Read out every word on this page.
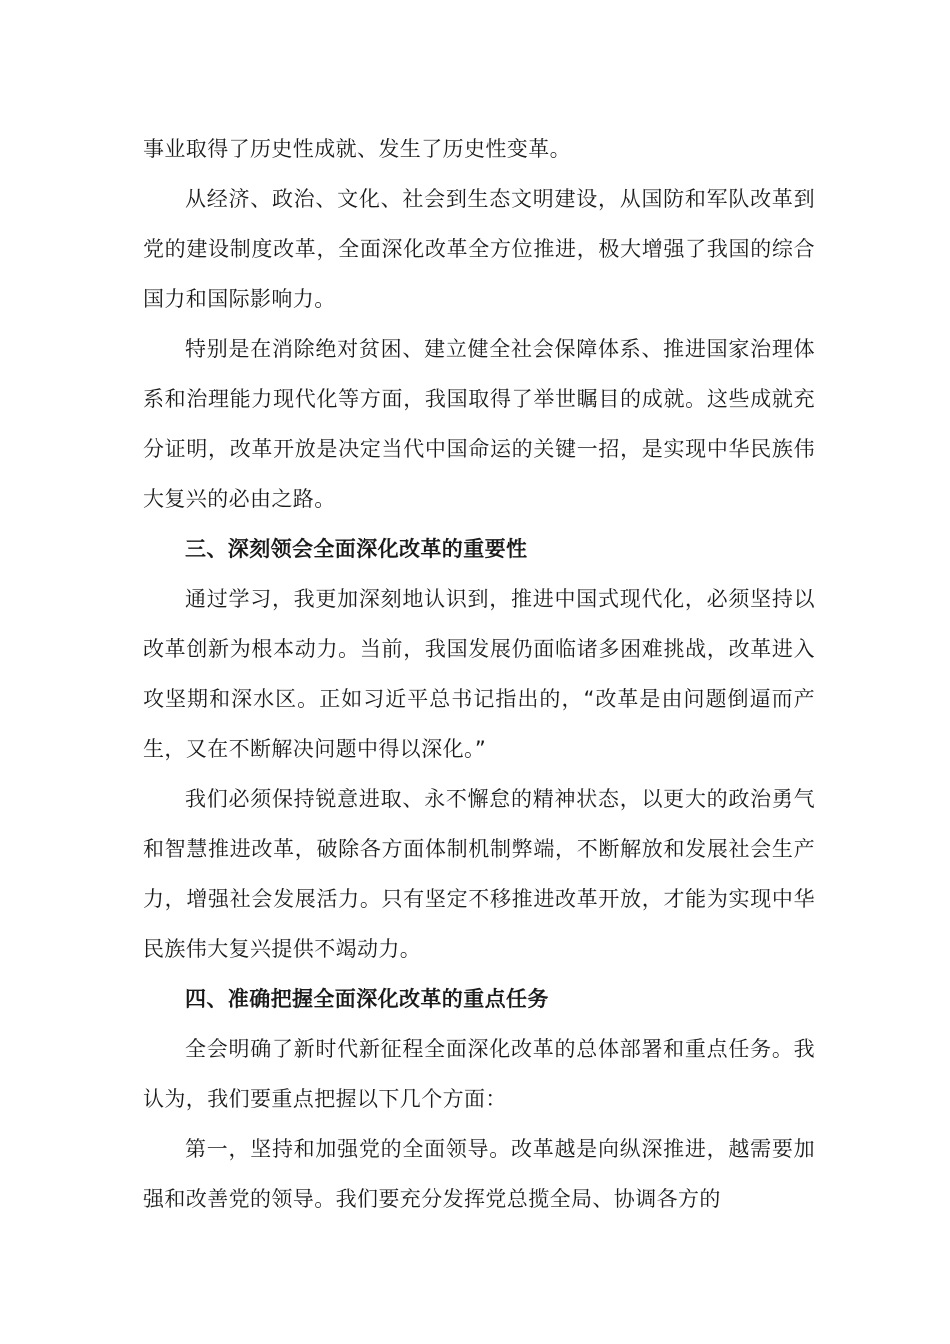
事业取得了历史性成就、发生了历史性变革。

从经济、政治、文化、社会到生态文明建设，从国防和军队改革到党的建设制度改革，全面深化改革全方位推进，极大增强了我国的综合国力和国际影响力。

特别是在消除绝对贫困、建立健全社会保障体系、推进国家治理体系和治理能力现代化等方面，我国取得了举世瞩目的成就。这些成就充分证明，改革开放是决定当代中国命运的关键一招，是实现中华民族伟大复兴的必由之路。

三、深刻领会全面深化改革的重要性

通过学习，我更加深刻地认识到，推进中国式现代化，必须坚持以改革创新为根本动力。当前，我国发展仍面临诸多困难挑战，改革进入攻坚期和深水区。正如习近平总书记指出的，“改革是由问题倒逼而产生，又在不断解决问题中得以深化。”

我们必须保持锐意进取、永不懈怠的精神状态，以更大的政治勇气和智慧推进改革，破除各方面体制机制弊端，不断解放和发展社会生产力，增强社会发展活力。只有坚定不移推进改革开放，才能为实现中华民族伟大复兴提供不竭动力。

四、准确把握全面深化改革的重点任务

全会明确了新时代新征程全面深化改革的总体部署和重点任务。我认为，我们要重点把握以下几个方面：

第一，坚持和加强党的全面领导。改革越是向纵深推进，越需要加强和改善党的领导。我们要充分发挥党总揽全局、协调各方的
